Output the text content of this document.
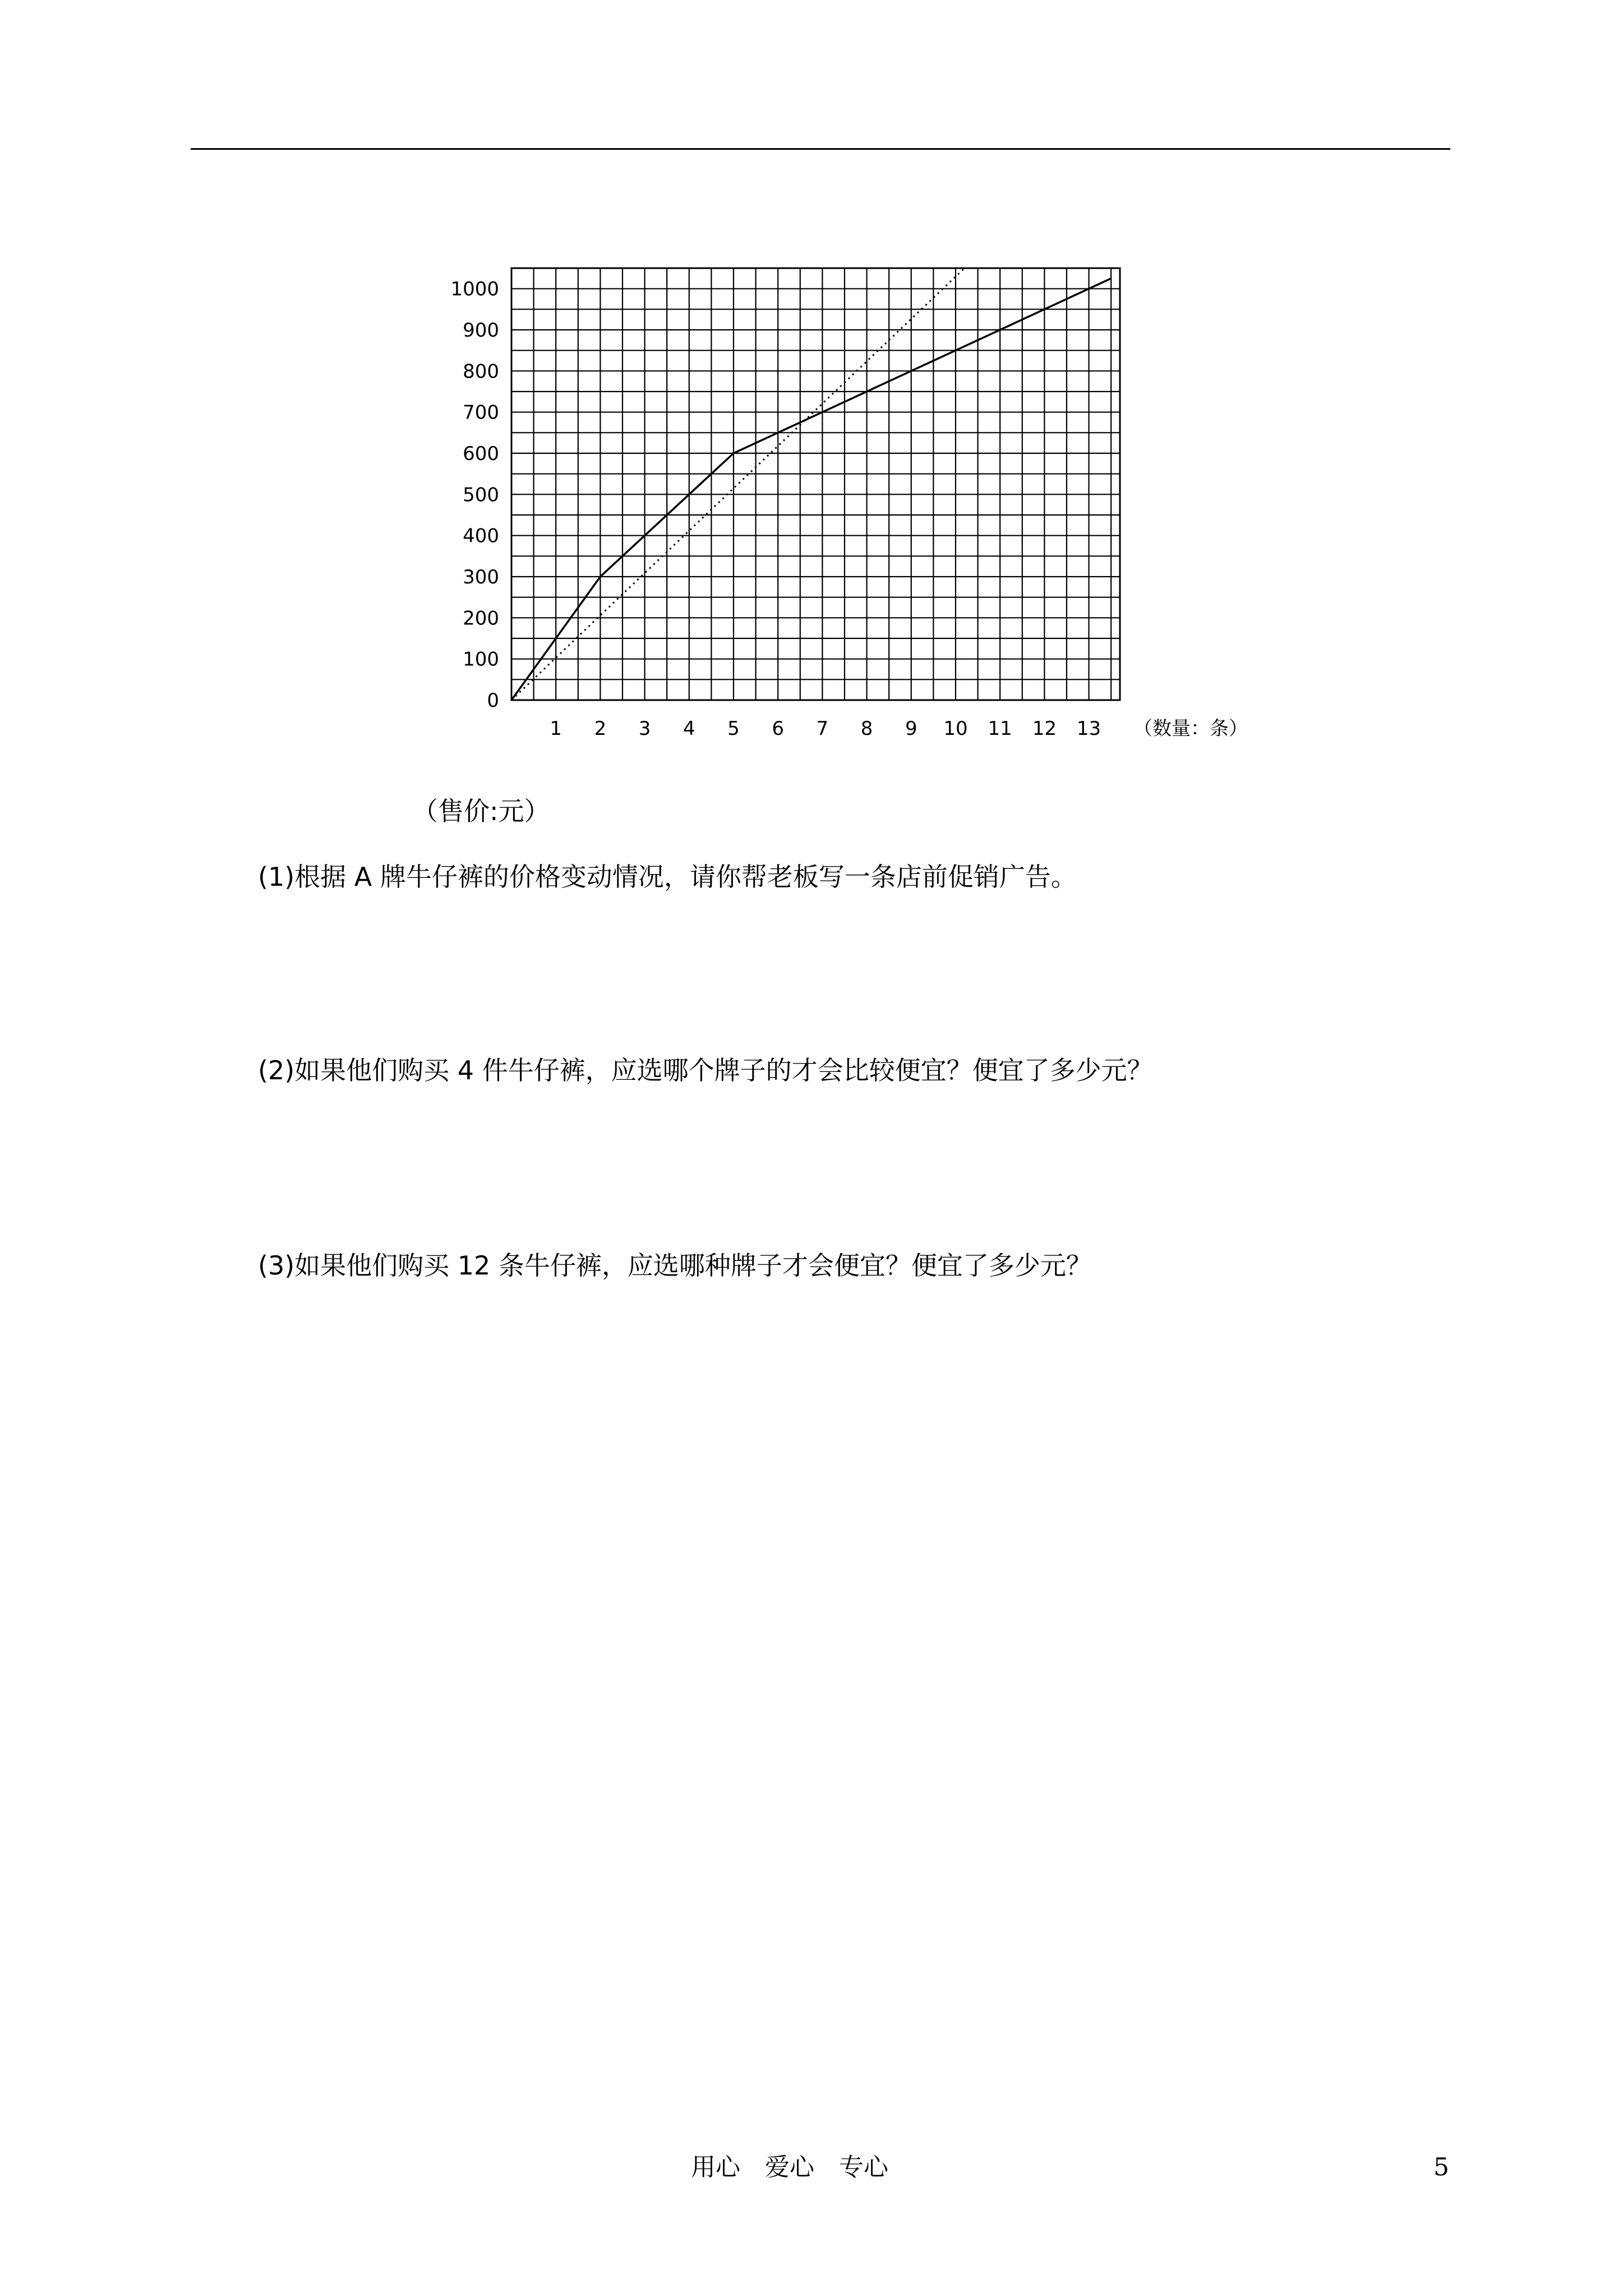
0
100
200
300
400
500
600
700
800
900
1000
1 2 3 4 5 6 7 8 9 10 11 12 13 （数量：条）
（售价:元）
(1)根据 A 牌牛仔裤的价格变动情况，请你帮老板写一条店前促销广告。
(2)如果他们购买 4 件牛仔裤，应选哪个牌子的才会比较便宜？便宜了多少元？
(3)如果他们购买 12 条牛仔裤，应选哪种牌子才会便宜？便宜了多少元？
用心　爱心　专心	5
